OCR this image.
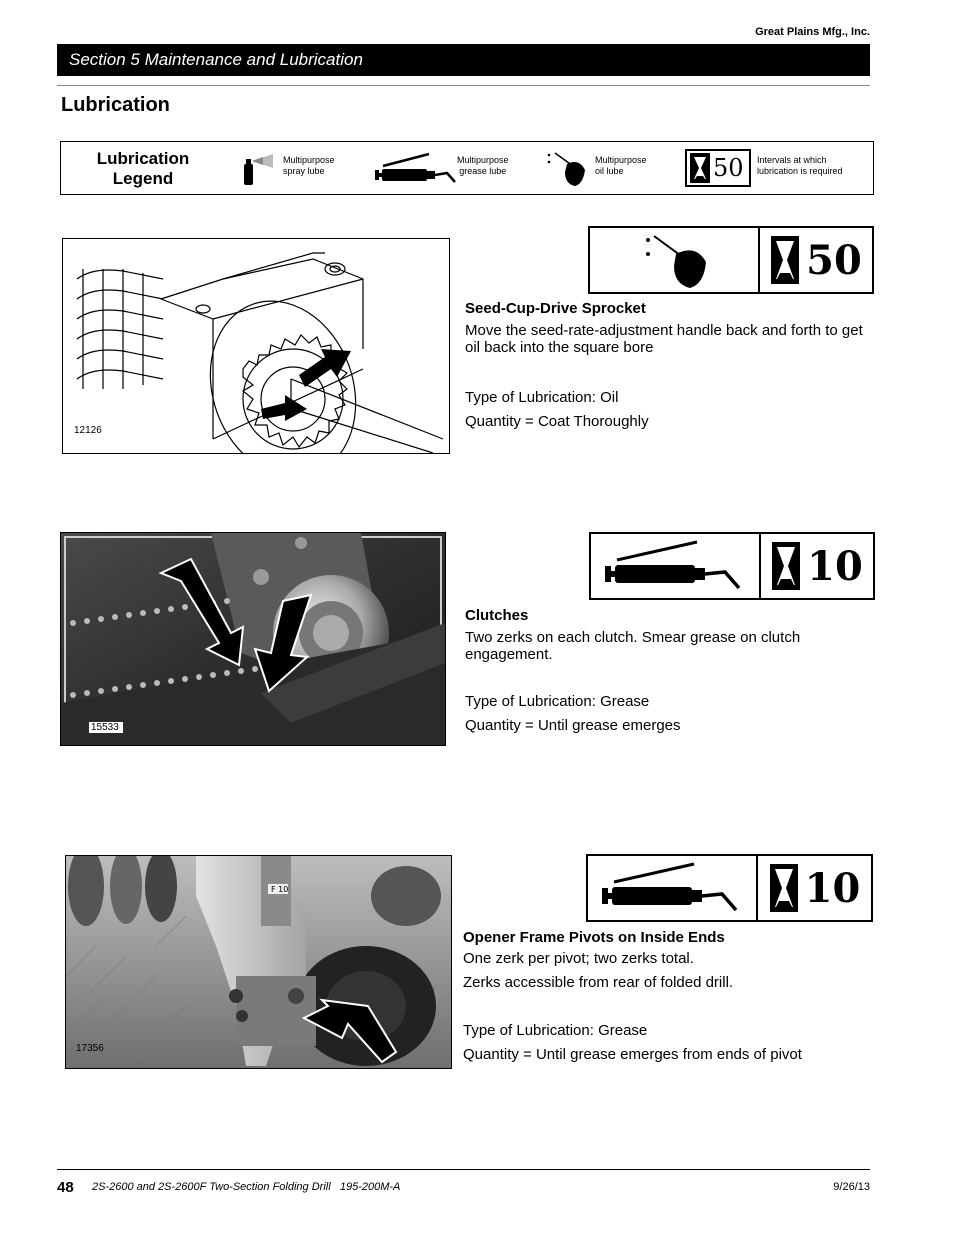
Great Plains Mfg., Inc.
Section 5 Maintenance and Lubrication
Lubrication
Lubrication
Legend
Multipurpose
spray lube
Multipurpose
grease lube
Multipurpose
oil lube	50 Intervals at which
lubrication is required
12126
50
Seed-Cup-Drive Sprocket
Move the seed-rate-adjustment handle back and forth to get oil back into the square bore
Type of Lubrication: Oil
Quantity = Coat Thoroughly
15533
10
Clutches
Two zerks on each clutch. Smear grease on clutch engagement.
Type of Lubrication: Grease
Quantity = Until grease emerges
F 10
17356
10
Opener Frame Pivots on Inside Ends
One zerk per pivot; two zerks total.
Zerks accessible from rear of folded drill.
Type of Lubrication: Grease
Quantity = Until grease emerges from ends of pivot
48 2S-2600 and 2S-2600F Two-Section Folding Drill   195-200M-A	9/26/13
